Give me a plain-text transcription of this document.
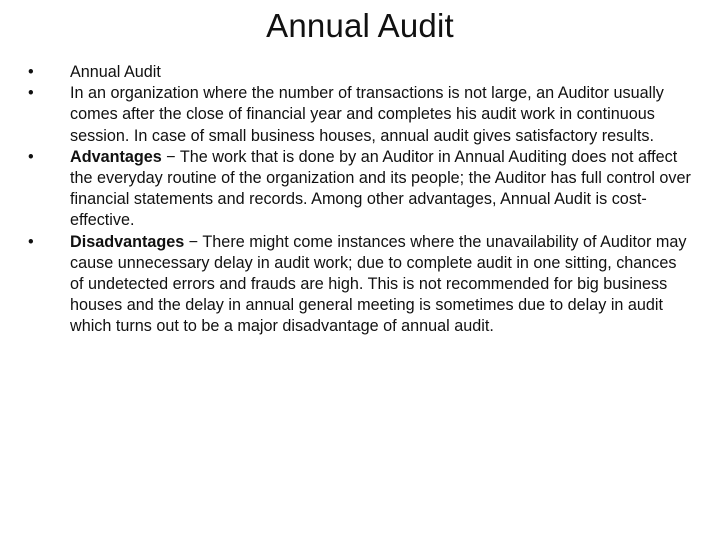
Annual Audit
•	Annual Audit
•	In an organization where the number of transactions is not large, an Auditor usually comes after the close of financial year and completes his audit work in continuous session. In case of small business houses, annual audit gives satisfactory results.
•	Advantages − The work that is done by an Auditor in Annual Auditing does not affect the everyday routine of the organization and its people; the Auditor has full control over financial statements and records. Among other advantages, Annual Audit is cost-effective.
•	Disadvantages − There might come instances where the unavailability of Auditor may cause unnecessary delay in audit work; due to complete audit in one sitting, chances of undetected errors and frauds are high. This is not recommended for big business houses and the delay in annual general meeting is sometimes due to delay in audit which turns out to be a major disadvantage of annual audit.
